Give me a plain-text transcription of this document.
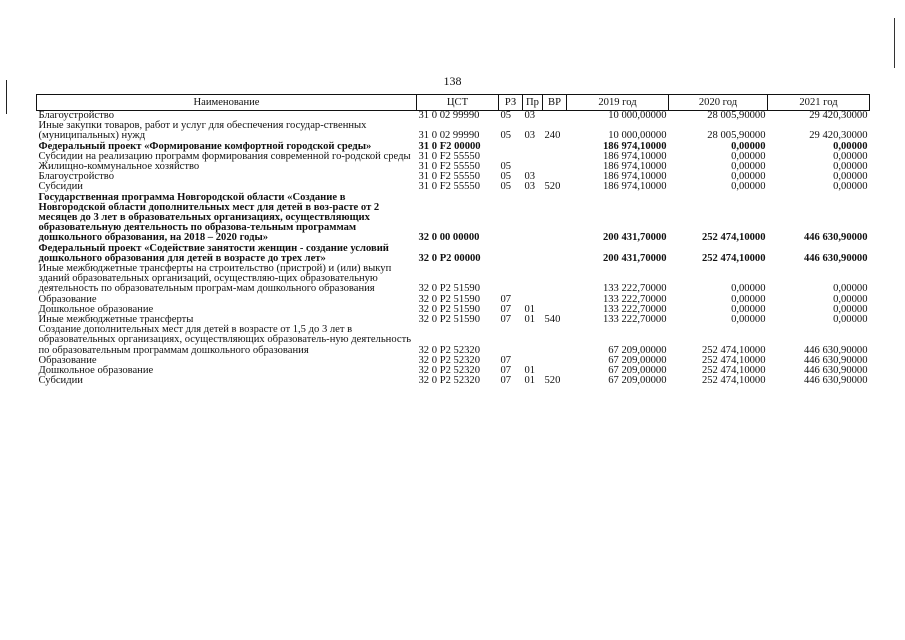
138
Наименование	ЦСТ	РЗ	Пр	ВР	2019 год	2020 год	2021 год
Благоустройство	31 0 02 99990	05	03		10 000,00000	28 005,90000	29 420,30000
Иные закупки товаров, работ и услуг для обеспечения государ-ственных (муниципальных) нужд	31 0 02 99990	05	03	240	10 000,00000	28 005,90000	29 420,30000
Федеральный проект «Формирование комфортной городской среды»	31 0 F2 00000				186 974,10000	0,00000	0,00000
Субсидии на реализацию программ формирования современной го-родской среды	31 0 F2 55550				186 974,10000	0,00000	0,00000
Жилищно-коммунальное хозяйство	31 0 F2 55550	05			186 974,10000	0,00000	0,00000
Благоустройство	31 0 F2 55550	05	03		186 974,10000	0,00000	0,00000
Субсидии	31 0 F2 55550	05	03	520	186 974,10000	0,00000	0,00000
Государственная программа Новгородской области «Создание в Новгородской области дополнительных мест для детей в воз-расте от 2 месяцев до 3 лет в образовательных организациях, осуществляющих образовательную деятельность по образова-тельным программам дошкольного образования, на 2018 – 2020 годы»	32 0 00 00000				200 431,70000	252 474,10000	446 630,90000
Федеральный проект «Содействие занятости женщин - создание условий дошкольного образования для детей в возрасте до трех лет»	32 0 P2 00000				200 431,70000	252 474,10000	446 630,90000
Иные межбюджетные трансферты на строительство (пристрой) и (или) выкуп зданий образовательных организаций, осуществляю-щих образовательную деятельность по образовательным програм-мам дошкольного образования	32 0 P2 51590				133 222,70000	0,00000	0,00000
Образование	32 0 P2 51590	07			133 222,70000	0,00000	0,00000
Дошкольное образование	32 0 P2 51590	07	01		133 222,70000	0,00000	0,00000
Иные межбюджетные трансферты	32 0 P2 51590	07	01	540	133 222,70000	0,00000	0,00000
Создание дополнительных мест для детей в возрасте от 1,5 до 3 лет в образовательных организациях, осуществляющих образователь-ную деятельность по образовательным программам дошкольного образования	32 0 P2 52320				67 209,00000	252 474,10000	446 630,90000
Образование	32 0 P2 52320	07			67 209,00000	252 474,10000	446 630,90000
Дошкольное образование	32 0 P2 52320	07	01		67 209,00000	252 474,10000	446 630,90000
Субсидии	32 0 P2 52320	07	01	520	67 209,00000	252 474,10000	446 630,90000
